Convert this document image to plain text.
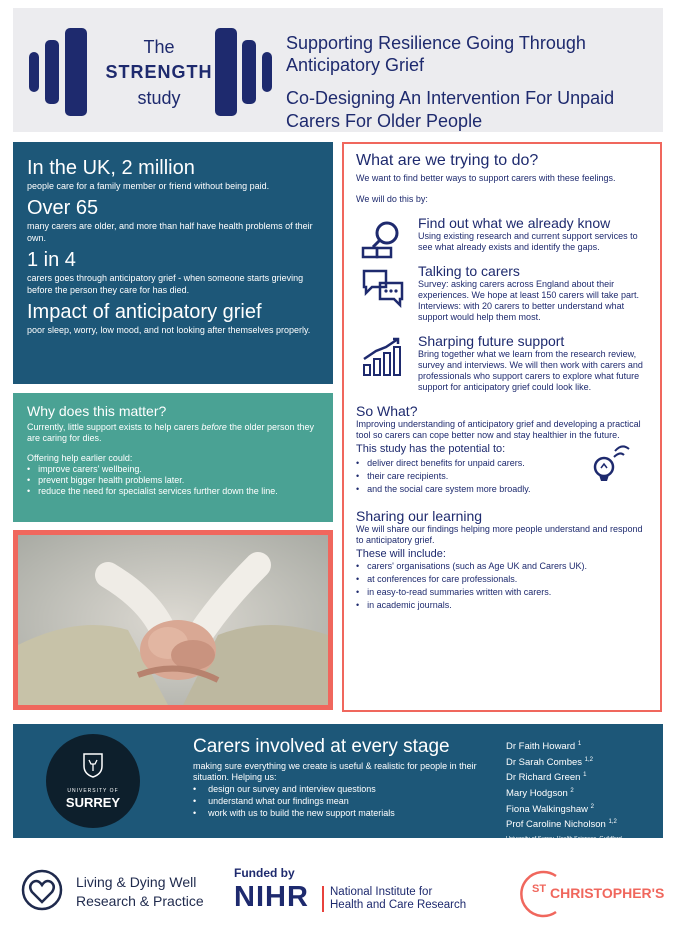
The
STRENGTH
study
Supporting Resilience Going Through Anticipatory Grief
Co-Designing An Intervention For Unpaid Carers For Older People
In the UK, 2 million
people care for a family member or friend without being paid.
Over 65
many carers are older, and more than half have health problems of their own.
1 in 4
carers goes through anticipatory grief - when someone starts grieving before the person they care for has died.
Impact of anticipatory grief
poor sleep, worry, low mood, and not looking after themselves properly.
Why does this matter?

Currently, little support exists to help carers before the older person they are caring for dies.

Offering help earlier could:

• improve carers' wellbeing.
• prevent bigger health problems later.
• reduce the need for specialist services further down the line.
What are we trying to do?

We want to find better ways to support carers with these feelings.

We will do this by:

Find out what we already know

Using existing research and current support services to see what already exists and identify the gaps.

Talking to carers

Survey: asking carers across England about their experiences. We hope at least 150 carers will take part.

Interviews: with 20 carers to better understand what support would help them most.

Sharping future support

Bring together what we learn from the research review, survey and interviews. We will then work with carers and professionals who support carers to explore what future support for anticipatory grief could look like.

So What?

Improving understanding of anticipatory grief and developing a practical tool so carers can cope better now and stay healthier in the future.

This study has the potential to:
• deliver direct benefits for unpaid carers.
• their care recipients.
• and the social care system more broadly.
Sharing our learning

We will share our findings helping more people understand and respond to anticipatory grief.

These will include:
• carers' organisations (such as Age UK and Carers UK).
• at conferences for care professionals.
• in easy-to-read summaries written with carers.
• in academic journals.
UNIVERSITY OF
SURREY
Carers involved at every stage

making sure everything we create is useful & realistic for people in their situation. Helping us:

• design our survey and interview questions
• understand what our findings mean
• work with us to build the new support materials
Dr Faith Howard $^1$
Dr Sarah Combes $^{1,2}$
Dr Richard Green $^1$
Mary Hodgson $^2$
Fiona Walkingshaw $^2$
Prof Caroline Nicholson $^{1,2}$
University of Surrey, Health Sciences, Guildford
St Christopher's Hospice, London
Living & Dying Well
Research & Practice
Funded by
NIHR National Institute for
Health and Care Research
ST CHRISTOPHER'S
